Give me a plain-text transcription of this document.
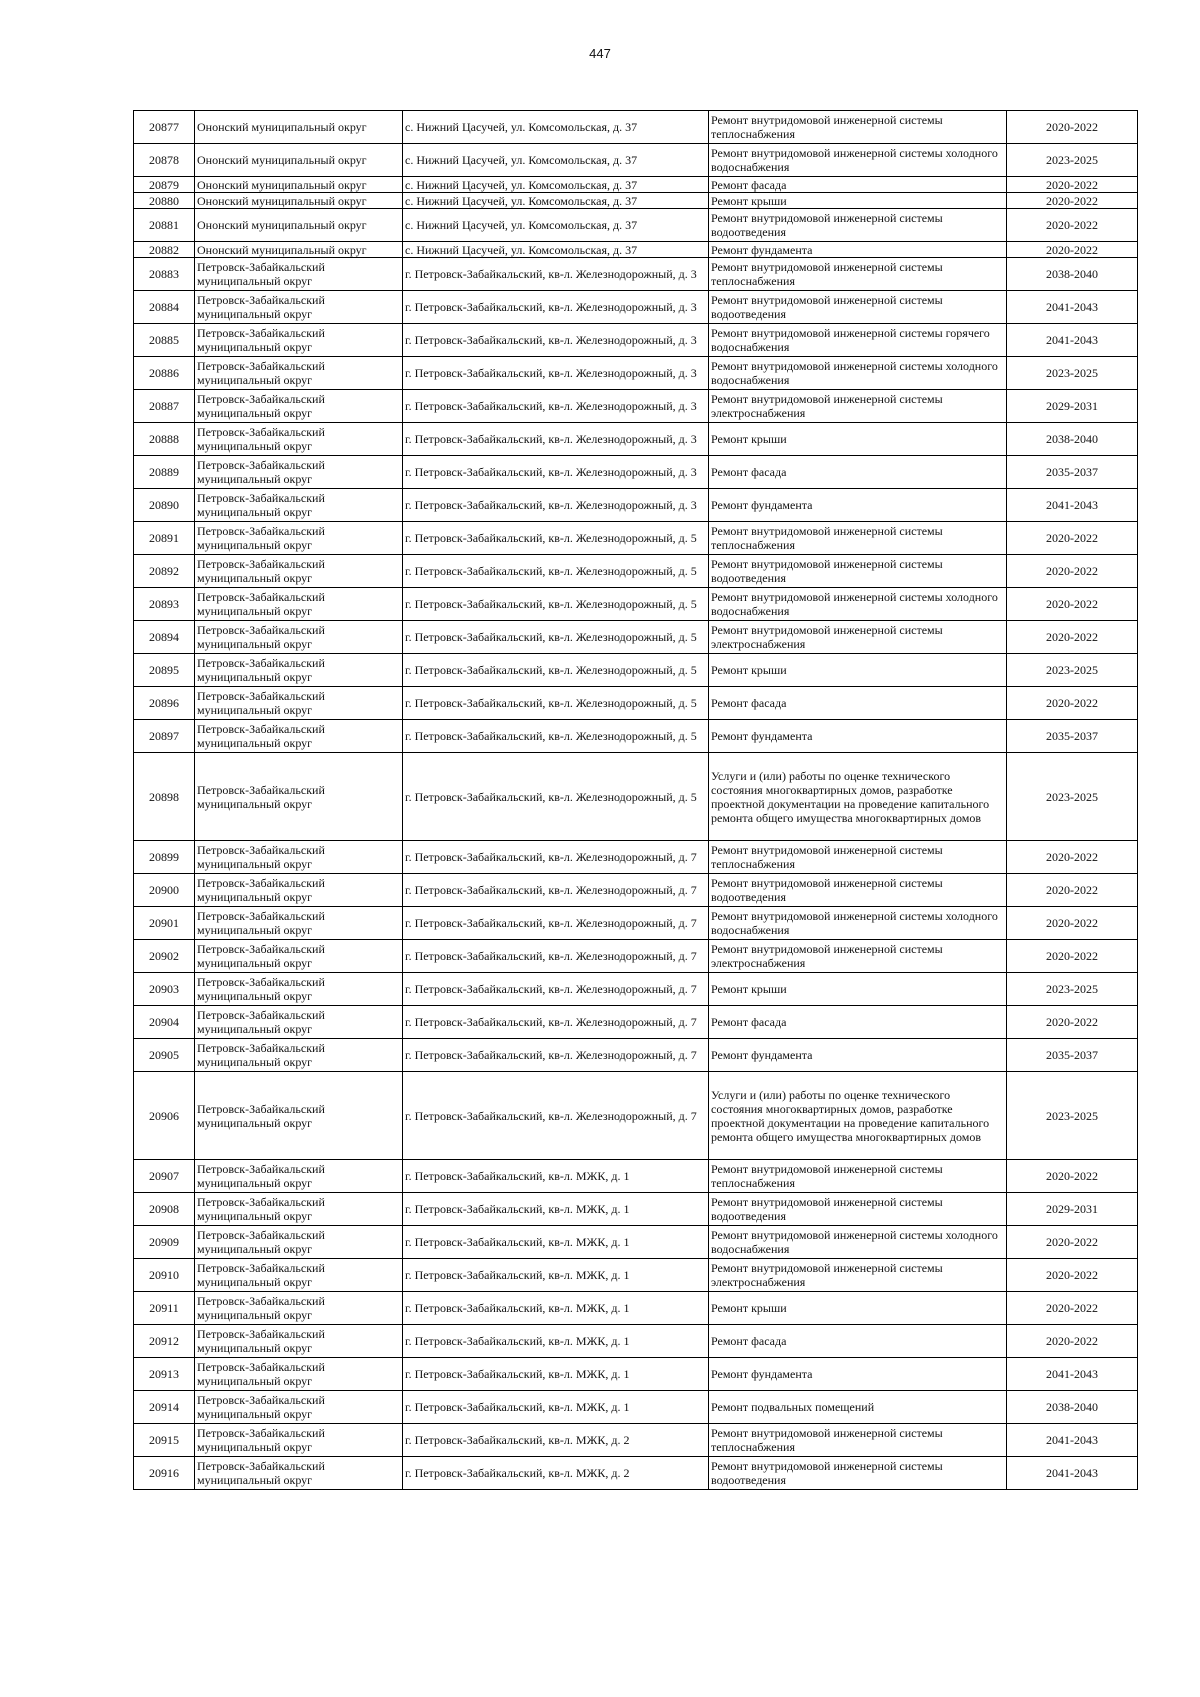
447
20877	Ононский муниципальный округ	с. Нижний Цасучей, ул. Комсомольская, д. 37	Ремонт внутридомовой инженерной системы теплоснабжения	2020-2022
20878	Ононский муниципальный округ	с. Нижний Цасучей, ул. Комсомольская, д. 37	Ремонт внутридомовой инженерной системы холодного водоснабжения	2023-2025
20879	Ононский муниципальный округ	с. Нижний Цасучей, ул. Комсомольская, д. 37	Ремонт фасада	2020-2022
20880	Ононский муниципальный округ	с. Нижний Цасучей, ул. Комсомольская, д. 37	Ремонт крыши	2020-2022
20881	Ононский муниципальный округ	с. Нижний Цасучей, ул. Комсомольская, д. 37	Ремонт внутридомовой инженерной системы водоотведения	2020-2022
20882	Ононский муниципальный округ	с. Нижний Цасучей, ул. Комсомольская, д. 37	Ремонт фундамента	2020-2022
20883	Петровск-Забайкальский муниципальный округ	г. Петровск-Забайкальский, кв-л. Железнодорожный, д. 3	Ремонт внутридомовой инженерной системы теплоснабжения	2038-2040
20884	Петровск-Забайкальский муниципальный округ	г. Петровск-Забайкальский, кв-л. Железнодорожный, д. 3	Ремонт внутридомовой инженерной системы водоотведения	2041-2043
20885	Петровск-Забайкальский муниципальный округ	г. Петровск-Забайкальский, кв-л. Железнодорожный, д. 3	Ремонт внутридомовой инженерной системы горячего водоснабжения	2041-2043
20886	Петровск-Забайкальский муниципальный округ	г. Петровск-Забайкальский, кв-л. Железнодорожный, д. 3	Ремонт внутридомовой инженерной системы холодного водоснабжения	2023-2025
20887	Петровск-Забайкальский муниципальный округ	г. Петровск-Забайкальский, кв-л. Железнодорожный, д. 3	Ремонт внутридомовой инженерной системы электроснабжения	2029-2031
20888	Петровск-Забайкальский муниципальный округ	г. Петровск-Забайкальский, кв-л. Железнодорожный, д. 3	Ремонт крыши	2038-2040
20889	Петровск-Забайкальский муниципальный округ	г. Петровск-Забайкальский, кв-л. Железнодорожный, д. 3	Ремонт фасада	2035-2037
20890	Петровск-Забайкальский муниципальный округ	г. Петровск-Забайкальский, кв-л. Железнодорожный, д. 3	Ремонт фундамента	2041-2043
20891	Петровск-Забайкальский муниципальный округ	г. Петровск-Забайкальский, кв-л. Железнодорожный, д. 5	Ремонт внутридомовой инженерной системы теплоснабжения	2020-2022
20892	Петровск-Забайкальский муниципальный округ	г. Петровск-Забайкальский, кв-л. Железнодорожный, д. 5	Ремонт внутридомовой инженерной системы водоотведения	2020-2022
20893	Петровск-Забайкальский муниципальный округ	г. Петровск-Забайкальский, кв-л. Железнодорожный, д. 5	Ремонт внутридомовой инженерной системы холодного водоснабжения	2020-2022
20894	Петровск-Забайкальский муниципальный округ	г. Петровск-Забайкальский, кв-л. Железнодорожный, д. 5	Ремонт внутридомовой инженерной системы электроснабжения	2020-2022
20895	Петровск-Забайкальский муниципальный округ	г. Петровск-Забайкальский, кв-л. Железнодорожный, д. 5	Ремонт крыши	2023-2025
20896	Петровск-Забайкальский муниципальный округ	г. Петровск-Забайкальский, кв-л. Железнодорожный, д. 5	Ремонт фасада	2020-2022
20897	Петровск-Забайкальский муниципальный округ	г. Петровск-Забайкальский, кв-л. Железнодорожный, д. 5	Ремонт фундамента	2035-2037
20898	Петровск-Забайкальский муниципальный округ	г. Петровск-Забайкальский, кв-л. Железнодорожный, д. 5	Услуги и (или) работы по оценке технического состояния многоквартирных домов, разработке проектной документации на проведение капитального ремонта общего имущества многоквартирных домов	2023-2025
20899	Петровск-Забайкальский муниципальный округ	г. Петровск-Забайкальский, кв-л. Железнодорожный, д. 7	Ремонт внутридомовой инженерной системы теплоснабжения	2020-2022
20900	Петровск-Забайкальский муниципальный округ	г. Петровск-Забайкальский, кв-л. Железнодорожный, д. 7	Ремонт внутридомовой инженерной системы водоотведения	2020-2022
20901	Петровск-Забайкальский муниципальный округ	г. Петровск-Забайкальский, кв-л. Железнодорожный, д. 7	Ремонт внутридомовой инженерной системы холодного водоснабжения	2020-2022
20902	Петровск-Забайкальский муниципальный округ	г. Петровск-Забайкальский, кв-л. Железнодорожный, д. 7	Ремонт внутридомовой инженерной системы электроснабжения	2020-2022
20903	Петровск-Забайкальский муниципальный округ	г. Петровск-Забайкальский, кв-л. Железнодорожный, д. 7	Ремонт крыши	2023-2025
20904	Петровск-Забайкальский муниципальный округ	г. Петровск-Забайкальский, кв-л. Железнодорожный, д. 7	Ремонт фасада	2020-2022
20905	Петровск-Забайкальский муниципальный округ	г. Петровск-Забайкальский, кв-л. Железнодорожный, д. 7	Ремонт фундамента	2035-2037
20906	Петровск-Забайкальский муниципальный округ	г. Петровск-Забайкальский, кв-л. Железнодорожный, д. 7	Услуги и (или) работы по оценке технического состояния многоквартирных домов, разработке проектной документации на проведение капитального ремонта общего имущества многоквартирных домов	2023-2025
20907	Петровск-Забайкальский муниципальный округ	г. Петровск-Забайкальский, кв-л. МЖК, д. 1	Ремонт внутридомовой инженерной системы теплоснабжения	2020-2022
20908	Петровск-Забайкальский муниципальный округ	г. Петровск-Забайкальский, кв-л. МЖК, д. 1	Ремонт внутридомовой инженерной системы водоотведения	2029-2031
20909	Петровск-Забайкальский муниципальный округ	г. Петровск-Забайкальский, кв-л. МЖК, д. 1	Ремонт внутридомовой инженерной системы холодного водоснабжения	2020-2022
20910	Петровск-Забайкальский муниципальный округ	г. Петровск-Забайкальский, кв-л. МЖК, д. 1	Ремонт внутридомовой инженерной системы электроснабжения	2020-2022
20911	Петровск-Забайкальский муниципальный округ	г. Петровск-Забайкальский, кв-л. МЖК, д. 1	Ремонт крыши	2020-2022
20912	Петровск-Забайкальский муниципальный округ	г. Петровск-Забайкальский, кв-л. МЖК, д. 1	Ремонт фасада	2020-2022
20913	Петровск-Забайкальский муниципальный округ	г. Петровск-Забайкальский, кв-л. МЖК, д. 1	Ремонт фундамента	2041-2043
20914	Петровск-Забайкальский муниципальный округ	г. Петровск-Забайкальский, кв-л. МЖК, д. 1	Ремонт подвальных помещений	2038-2040
20915	Петровск-Забайкальский муниципальный округ	г. Петровск-Забайкальский, кв-л. МЖК, д. 2	Ремонт внутридомовой инженерной системы теплоснабжения	2041-2043
20916	Петровск-Забайкальский муниципальный округ	г. Петровск-Забайкальский, кв-л. МЖК, д. 2	Ремонт внутридомовой инженерной системы водоотведения	2041-2043
